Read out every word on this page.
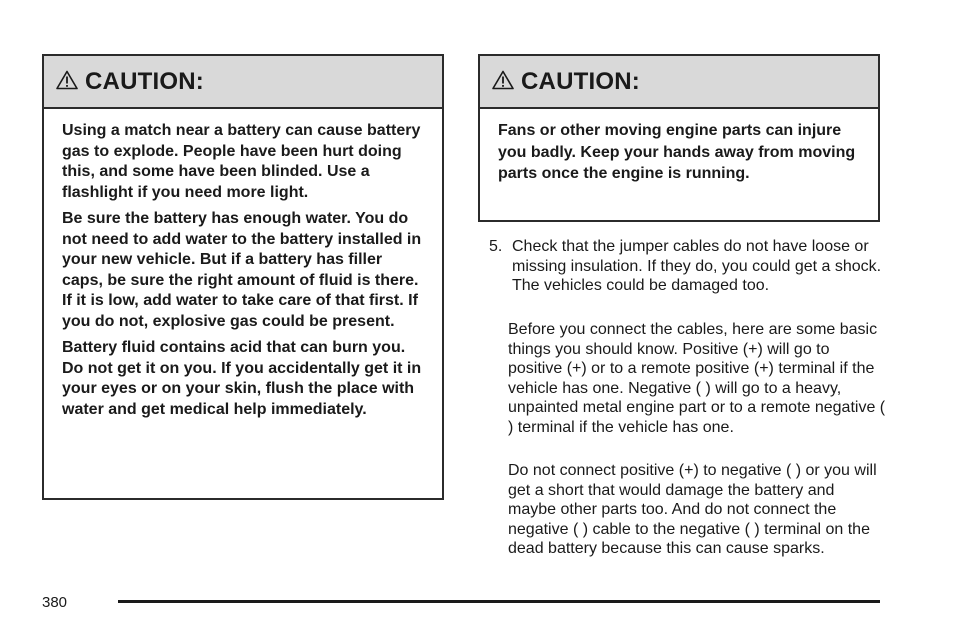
CAUTION:

Using a match near a battery can cause battery gas to explode. People have been hurt doing this, and some have been blinded. Use a flashlight if you need more light.

Be sure the battery has enough water. You do not need to add water to the battery installed in your new vehicle. But if a battery has filler caps, be sure the right amount of fluid is there. If it is low, add water to take care of that first. If you do not, explosive gas could be present.

Battery fluid contains acid that can burn you. Do not get it on you. If you accidentally get it in your eyes or on your skin, flush the place with water and get medical help immediately.

CAUTION:

Fans or other moving engine parts can injure you badly. Keep your hands away from moving parts once the engine is running.

5. Check that the jumper cables do not have loose or missing insulation. If they do, you could get a shock. The vehicles could be damaged too.
Before you connect the cables, here are some basic things you should know. Positive (+) will go to positive (+) or to a remote positive (+) terminal if the vehicle has one. Negative ( ) will go to a heavy, unpainted metal engine part or to a remote negative ( ) terminal if the vehicle has one.
Do not connect positive (+) to negative ( ) or you will get a short that would damage the battery and maybe other parts too. And do not connect the negative ( ) cable to the negative ( ) terminal on the dead battery because this can cause sparks.
380
